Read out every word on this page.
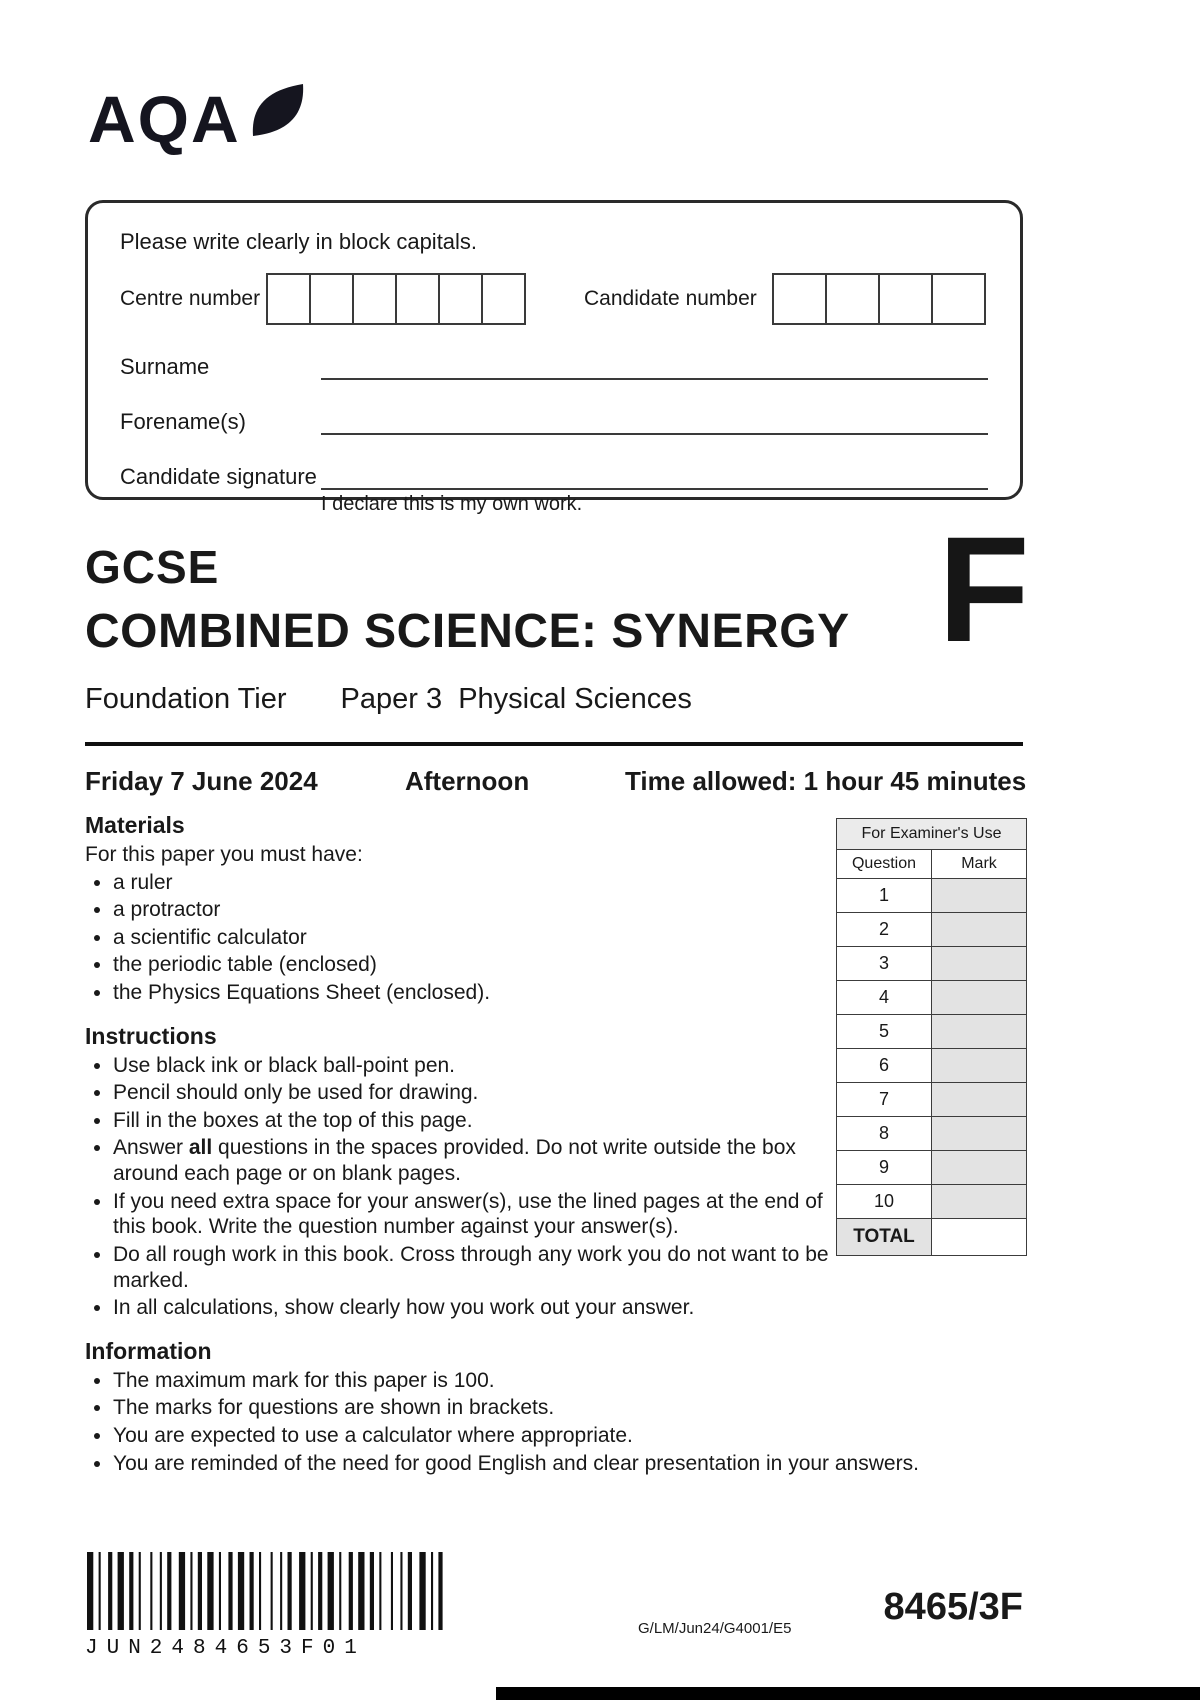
AQA

Please write clearly in block capitals.

Centre number	Candidate number
Surname
Forename(s)
Candidate signature

I declare this is my own work.

GCSE
COMBINED SCIENCE: SYNERGY
Foundation Tier Paper 3  Physical Sciences
F
Friday 7 June 2024	Afternoon	Time allowed: 1 hour 45 minutes
Materials

For this paper you must have:

• a ruler
• a protractor
• a scientific calculator
• the periodic table (enclosed)
• the Physics Equations Sheet (enclosed).
Instructions
• Use black ink or black ball-point pen.
• Pencil should only be used for drawing.
• Fill in the boxes at the top of this page.
• Answer all questions in the spaces provided. Do not write outside the box around each page or on blank pages.
• If you need extra space for your answer(s), use the lined pages at the end of this book. Write the question number against your answer(s).
• Do all rough work in this book. Cross through any work you do not want to be marked.
• In all calculations, show clearly how you work out your answer.
Information
• The maximum mark for this paper is 100.
• The marks for questions are shown in brackets.
• You are expected to use a calculator where appropriate.
• You are reminded of the need for good English and clear presentation in your answers.
For Examiner's Use	
Question	Mark
1	
2	
3	
4	
5	
6	
7	
8	
9	
10	
TOTAL	
JUN2484653F01
G/LM/Jun24/G4001/E5
8465/3F
